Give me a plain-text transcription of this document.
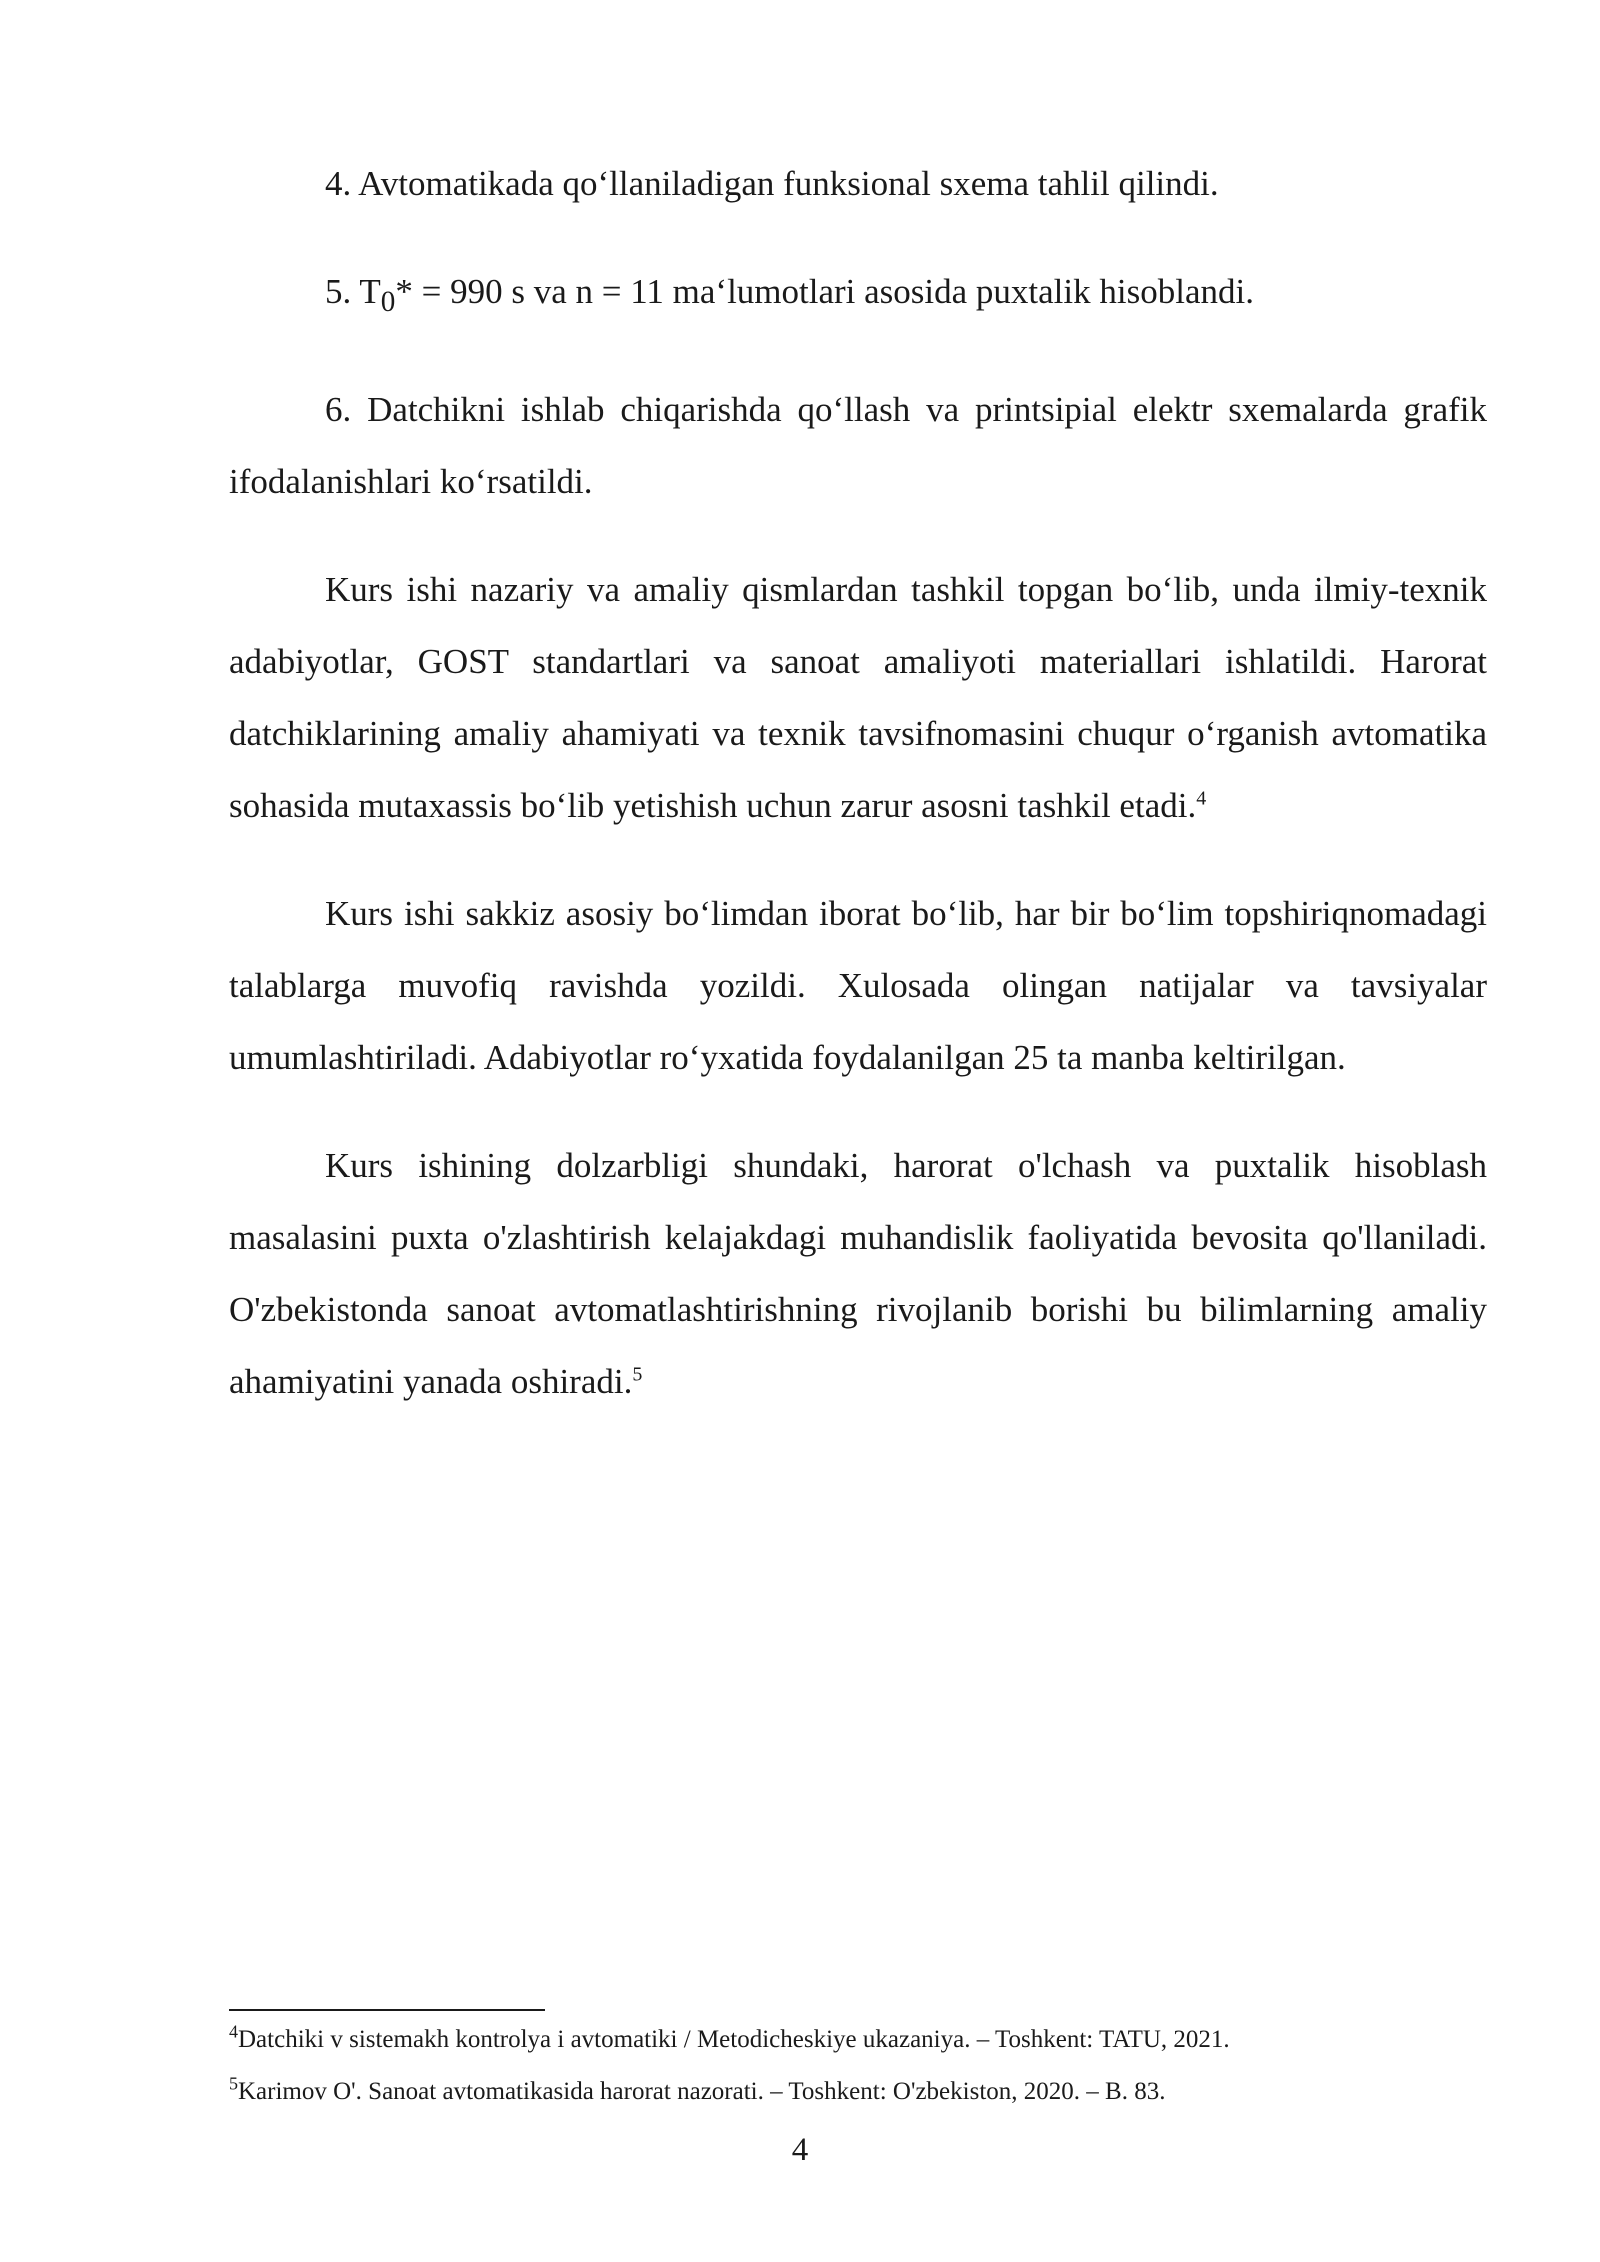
4. Avtomatikada qo‘llaniladigan funksional sxema tahlil qilindi.

5. $T_0* = 990$ s va n = 11 ma‘lumotlari asosida puxtalik hisoblandi.

6. Datchikni ishlab chiqarishda qo‘llash va printsipial elektr sxemalarda grafik ifodalanishlari ko‘rsatildi.

Kurs ishi nazariy va amaliy qismlardan tashkil topgan bo‘lib, unda ilmiy-texnik adabiyotlar, GOST standartlari va sanoat amaliyoti materiallari ishlatildi. Harorat datchiklarining amaliy ahamiyati va texnik tavsifnomasini chuqur o‘rganish avtomatika sohasida mutaxassis bo‘lib yetishish uchun zarur asosni tashkil etadi.$^4$

Kurs ishi sakkiz asosiy bo‘limdan iborat bo‘lib, har bir bo‘lim topshiriqnomadagi talablarga muvofiq ravishda yozildi. Xulosada olingan natijalar va tavsiyalar umumlashtiriladi. Adabiyotlar ro‘yxatida foydalanilgan 25 ta manba keltirilgan.

Kurs ishining dolzarbligi shundaki, harorat o'lchash va puxtalik hisoblash masalasini puxta o'zlashtirish kelajakdagi muhandislik faoliyatida bevosita qo'llaniladi. O'zbekistonda sanoat avtomatlashtirishning rivojlanib borishi bu bilimlarning amaliy ahamiyatini yanada oshiradi.$^5$

$^4$Datchiki v sistemakh kontrolya i avtomatiki / Metodicheskiye ukazaniya. – Toshkent: TATU, 2021.

$^5$Karimov O'. Sanoat avtomatikasida harorat nazorati. – Toshkent: O'zbekiston, 2020. – B. 83.

4
